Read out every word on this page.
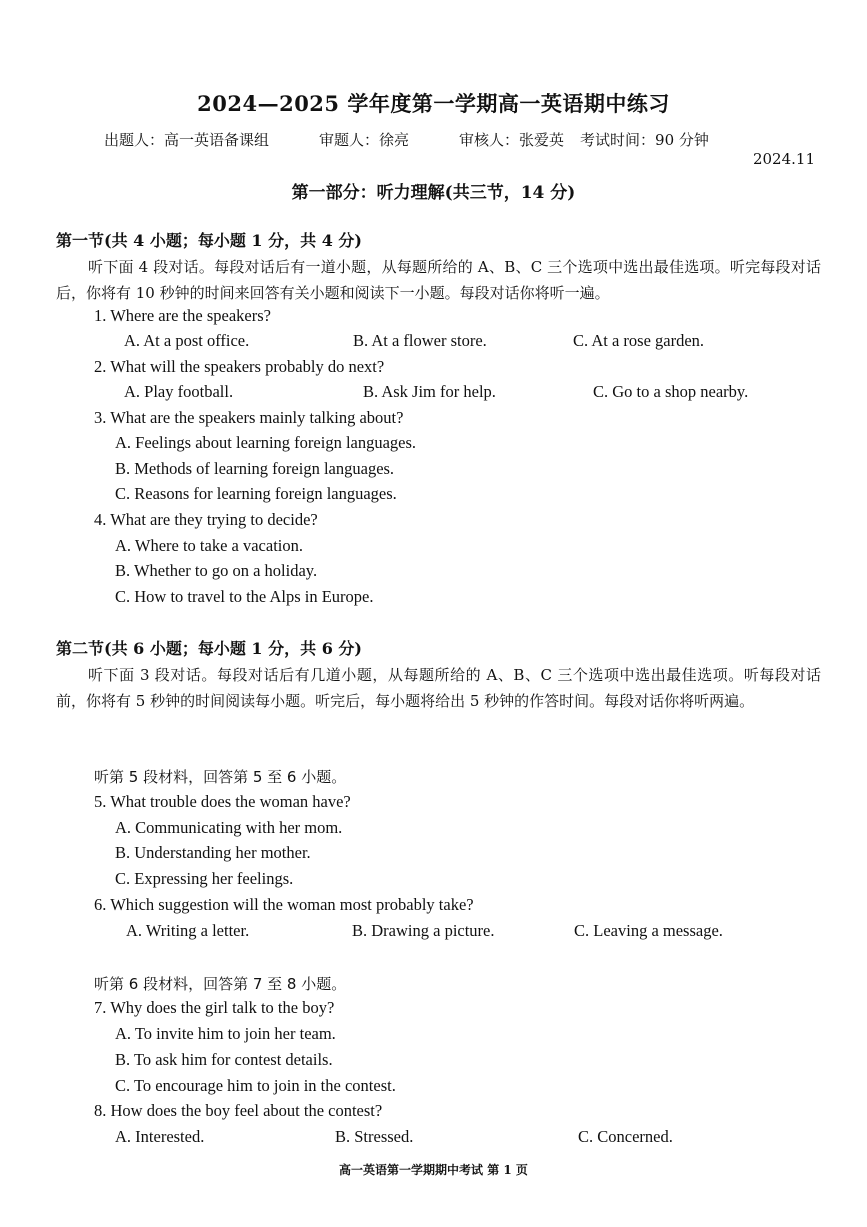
2024—2025 学年度第一学期高一英语期中练习
出题人：高一英语备课组	审题人：徐亮	审核人：张爱英 考试时间：90 分钟
2024.11
第一部分：听力理解(共三节，14 分)
第一节(共 4 小题；每小题 1 分，共 4 分)
听下面 4 段对话。每段对话后有一道小题，从每题所给的 A、B、C 三个选项中选出最佳选项。听完每段对话后，你将有 10 秒钟的时间来回答有关小题和阅读下一小题。每段对话你将听一遍。
1. Where are the speakers?
A. At a post office.	B. At a flower store.	C. At a rose garden.
2. What will the speakers probably do next?
A. Play football.	B. Ask Jim for help.	C. Go to a shop nearby.
3. What are the speakers mainly talking about?
A. Feelings about learning foreign languages.
B. Methods of learning foreign languages.
C. Reasons for learning foreign languages.
4. What are they trying to decide?
A. Where to take a vacation.
B. Whether to go on a holiday.
C. How to travel to the Alps in Europe.
第二节(共 6 小题；每小题 1 分，共 6 分)
听下面 3 段对话。每段对话后有几道小题，从每题所给的 A、B、C 三个选项中选出最佳选项。听每段对话前，你将有 5 秒钟的时间阅读每小题。听完后，每小题将给出 5 秒钟的作答时间。每段对话你将听两遍。
听第 5 段材料，回答第 5 至 6 小题。
5. What trouble does the woman have?
A. Communicating with her mom.
B. Understanding her mother.
C. Expressing her feelings.
6. Which suggestion will the woman most probably take?
A. Writing a letter.	B. Drawing a picture.	C. Leaving a message.
听第 6 段材料，回答第 7 至 8 小题。
7. Why does the girl talk to the boy?
A. To invite him to join her team.
B. To ask him for contest details.
C. To encourage him to join in the contest.
8. How does the boy feel about the contest?
A. Interested.	B. Stressed.	C. Concerned.
高一英语第一学期期中考试 第 1 页
